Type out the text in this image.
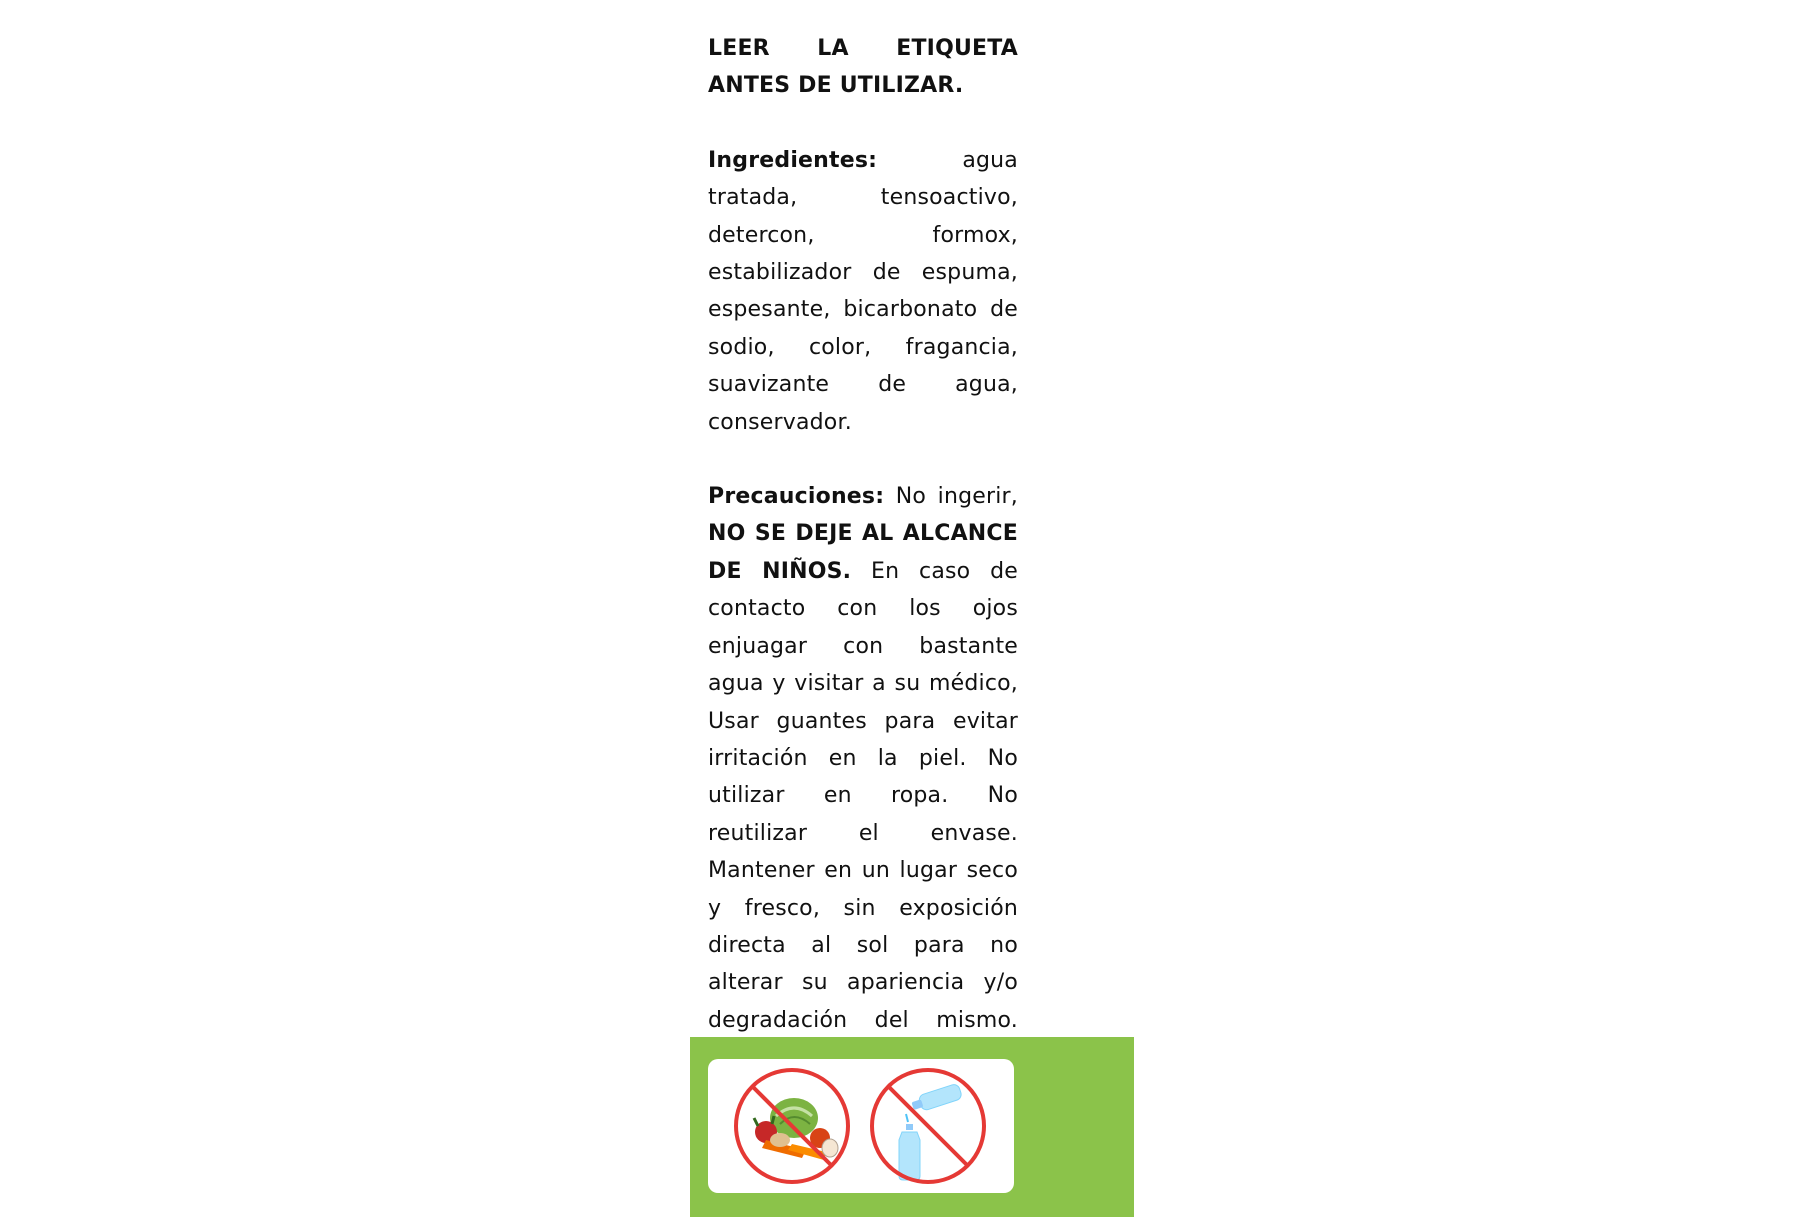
LEER LA ETIQUETA ANTES DE UTILIZAR.

Ingredientes: agua tratada, tensoactivo, detercon, formox, estabilizador de espuma, espesante, bicarbonato de sodio, color, fragancia, suavizante de agua, conservador.

Precauciones: No ingerir, NO SE DEJE AL ALCANCE DE NIÑOS. En caso de contacto con los ojos enjuagar con bastante agua y visitar a su médico, Usar guantes para evitar irritación en la piel. No utilizar en ropa. No reutilizar el envase. Mantener en un lugar seco y fresco, sin exposición directa al sol para no alterar su apariencia y/o degradación del mismo.
